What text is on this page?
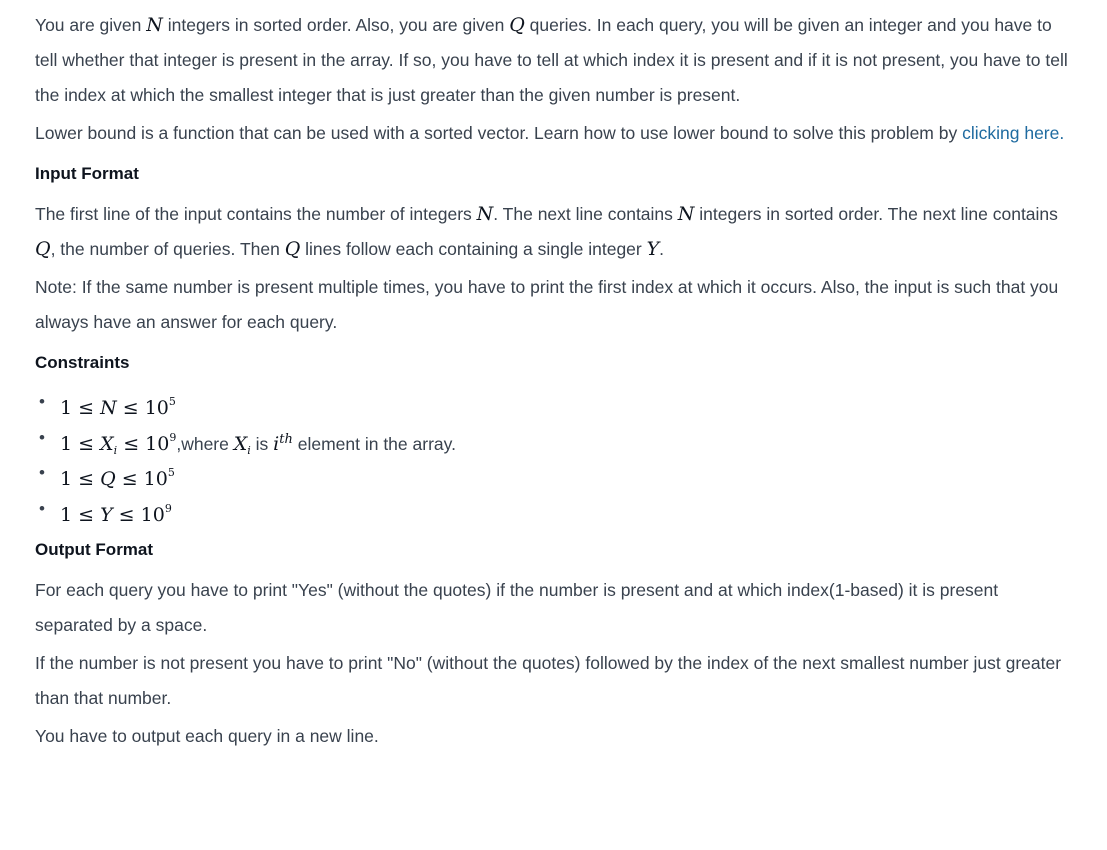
You are given N integers in sorted order. Also, you are given Q queries. In each query, you will be given an integer and you have to tell whether that integer is present in the array. If so, you have to tell at which index it is present and if it is not present, you have to tell the index at which the smallest integer that is just greater than the given number is present.

Lower bound is a function that can be used with a sorted vector. Learn how to use lower bound to solve this problem by clicking here.

Input Format

The first line of the input contains the number of integers N. The next line contains N integers in sorted order. The next line contains Q, the number of queries. Then Q lines follow each containing a single integer Y.

Note: If the same number is present multiple times, you have to print the first index at which it occurs. Also, the input is such that you always have an answer for each query.

Constraints
• $1 \le N \le 10^5$
• $1 \le X_i$ ≤ $10^9,where$ $X_i$ is $i^{th}$ element in the array.
• $1 \le Q \le 10^5$
• $1 \le Y \le 10^9$
Output Format

For each query you have to print "Yes" (without the quotes) if the number is present and at which index(1-based) it is present separated by a space.

If the number is not present you have to print "No" (without the quotes) followed by the index of the next smallest number just greater than that number.

You have to output each query in a new line.
